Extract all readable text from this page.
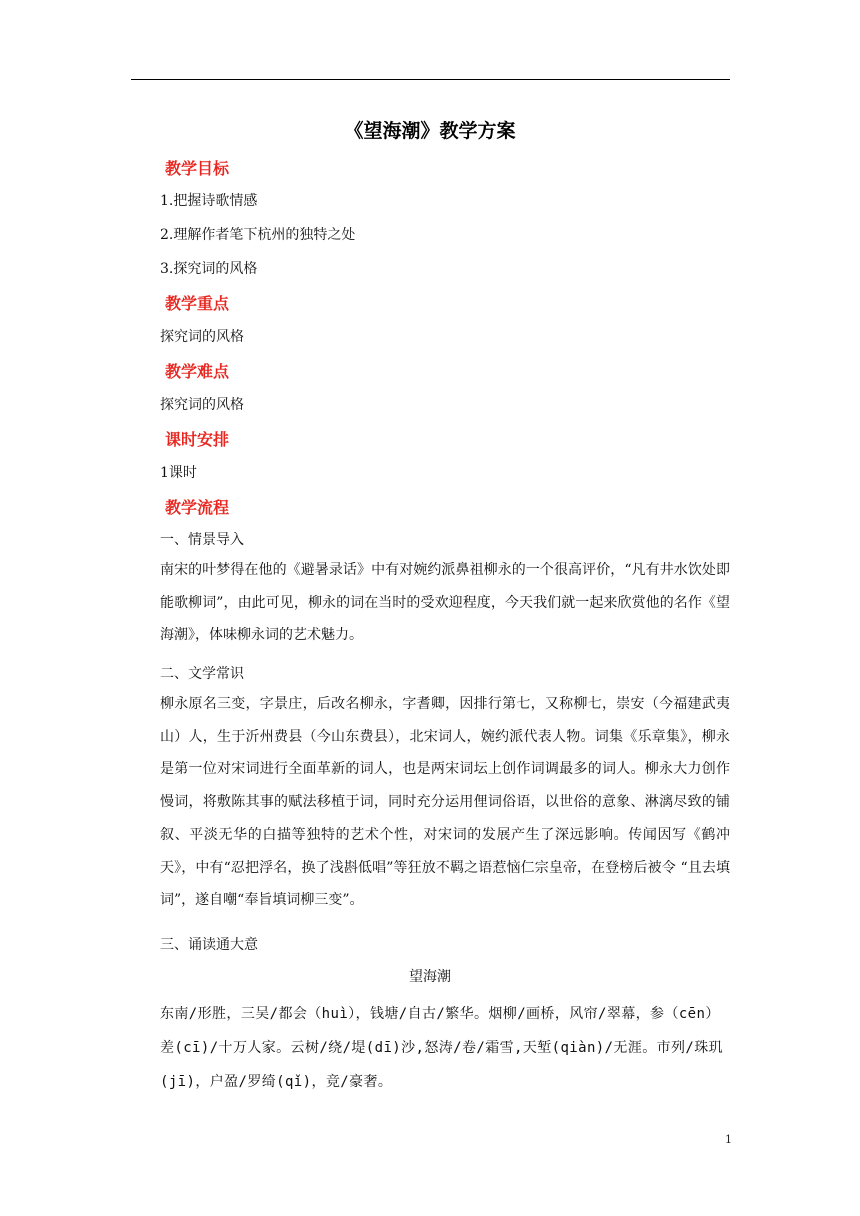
《望海潮》教学方案
教学目标
1.把握诗歌情感
2.理解作者笔下杭州的独特之处
3.探究词的风格
教学重点
探究词的风格
教学难点
探究词的风格
课时安排
1课时
教学流程
一、情景导入
南宋的叶梦得在他的《避暑录话》中有对婉约派鼻祖柳永的一个很高评价，“凡有井水饮处即能歌柳词”，由此可见，柳永的词在当时的受欢迎程度，今天我们就一起来欣赏他的名作《望海潮》，体味柳永词的艺术魅力。
二、文学常识
柳永原名三变，字景庄，后改名柳永，字耆卿，因排行第七，又称柳七，崇安（今福建武夷山）人，生于沂州费县（今山东费县），北宋词人，婉约派代表人物。词集《乐章集》，柳永是第一位对宋词进行全面革新的词人，也是两宋词坛上创作词调最多的词人。柳永大力创作慢词，将敷陈其事的赋法移植于词，同时充分运用俚词俗语，以世俗的意象、淋漓尽致的铺叙、平淡无华的白描等独特的艺术个性，对宋词的发展产生了深远影响。传闻因写《鹤冲天》，中有“忍把浮名，换了浅斟低唱”等狂放不羁之语惹恼仁宗皇帝，在登榜后被令 “且去填词”，遂自嘲“奉旨填词柳三变”。
三、诵读通大意
望海潮
东南/形胜，三吴/都会（huì），钱塘/自古/繁华。烟柳/画桥，风帘/翠幕，参（cēn）差(cī)/十万人家。云树/绕/堤(dī)沙,怒涛/卷/霜雪,天堑(qiàn)/无涯。市列/珠玑(jī)，户盈/罗绮(qǐ)，竞/豪奢。
1
